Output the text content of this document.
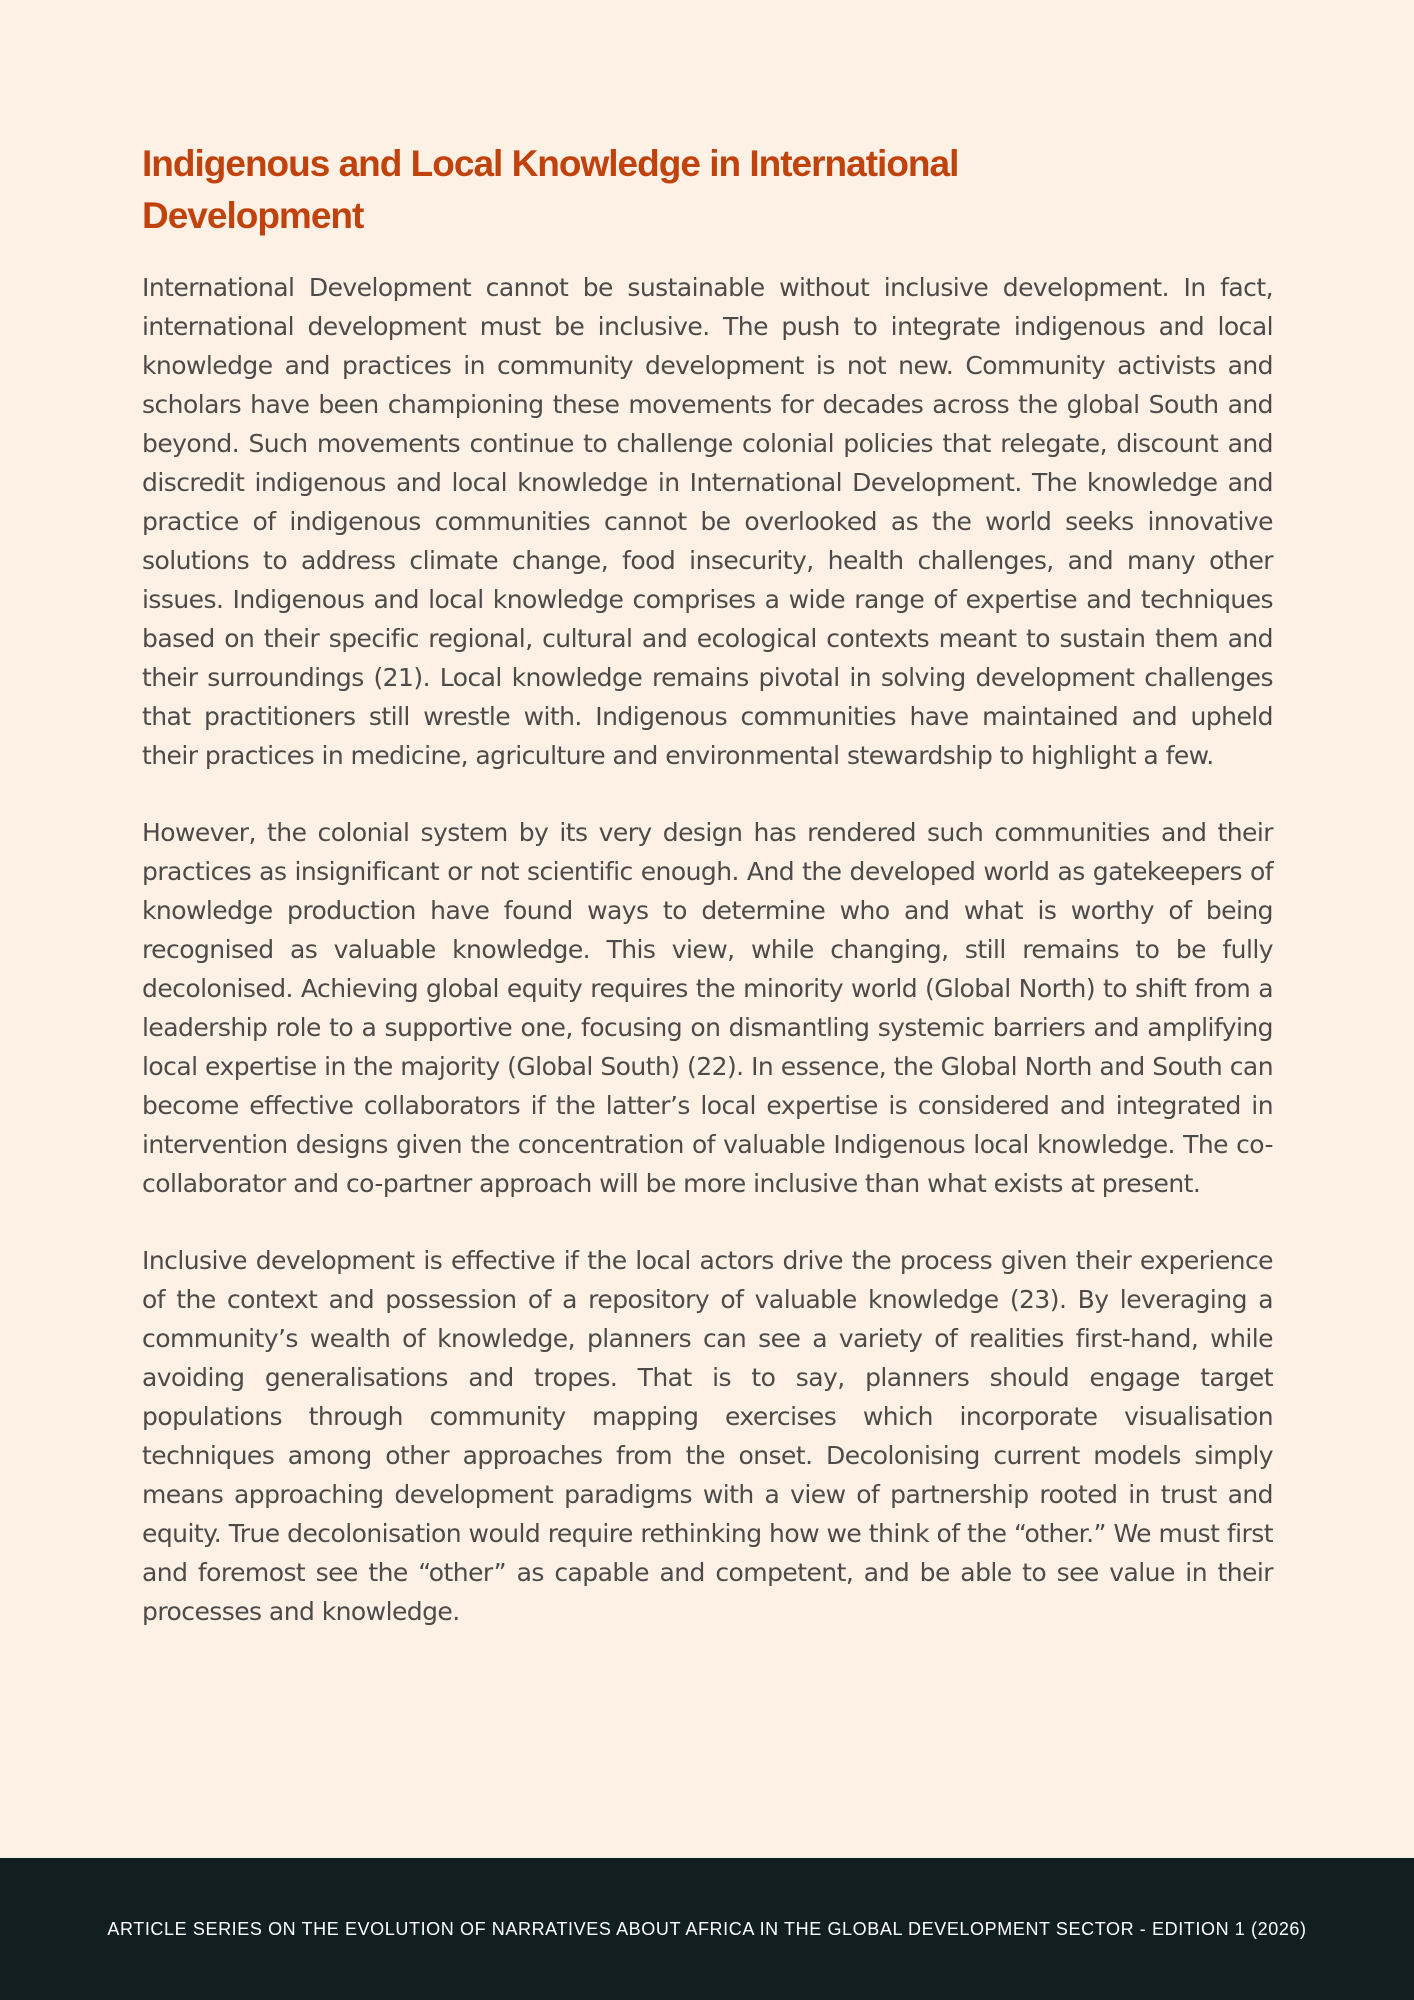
Indigenous and Local Knowledge in International Development

International Development cannot be sustainable without inclusive development. In fact, international development must be inclusive. The push to integrate indigenous and local knowledge and practices in community development is not new. Community activists and scholars have been championing these movements for decades across the global South and beyond. Such movements continue to challenge colonial policies that relegate, discount and discredit indigenous and local knowledge in International Development. The knowledge and practice of indigenous communities cannot be overlooked as the world seeks innovative solutions to address climate change, food insecurity, health challenges, and many other issues. Indigenous and local knowledge comprises a wide range of expertise and techniques based on their specific regional, cultural and ecological contexts meant to sustain them and their surroundings (21). Local knowledge remains pivotal in solving development challenges that practitioners still wrestle with. Indigenous communities have maintained and upheld their practices in medicine, agriculture and environmental stewardship to highlight a few.

However, the colonial system by its very design has rendered such communities and their practices as insignificant or not scientific enough. And the developed world as gatekeepers of knowledge production have found ways to determine who and what is worthy of being recognised as valuable knowledge. This view, while changing, still remains to be fully decolonised. Achieving global equity requires the minority world (Global North) to shift from a leadership role to a supportive one, focusing on dismantling systemic barriers and amplifying local expertise in the majority (Global South) (22). In essence, the Global North and South can become effective collaborators if the latter’s local expertise is considered and integrated in intervention designs given the concentration of valuable Indigenous local knowledge. The co-collaborator and co-partner approach will be more inclusive than what exists at present.

Inclusive development is effective if the local actors drive the process given their experience of the context and possession of a repository of valuable knowledge (23). By leveraging a community’s wealth of knowledge, planners can see a variety of realities first-hand, while avoiding generalisations and tropes. That is to say, planners should engage target populations through community mapping exercises which incorporate visualisation techniques among other approaches from the onset. Decolonising current models simply means approaching development paradigms with a view of partnership rooted in trust and equity. True decolonisation would require rethinking how we think of the “other.” We must first and foremost see the “other” as capable and competent, and be able to see value in their processes and knowledge.

ARTICLE SERIES ON THE EVOLUTION OF NARRATIVES ABOUT AFRICA IN THE GLOBAL DEVELOPMENT SECTOR - EDITION 1 (2026)
